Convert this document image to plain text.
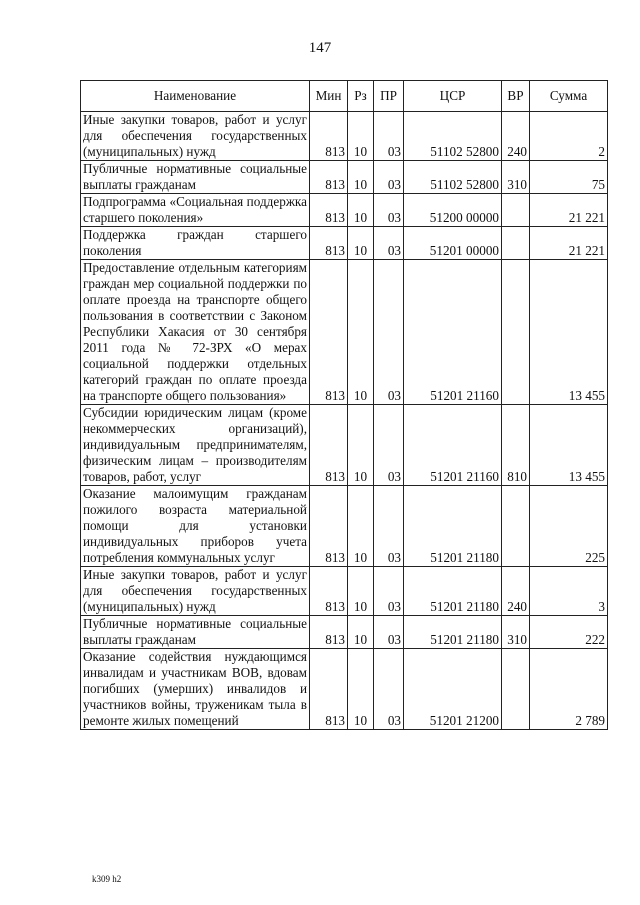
147
Наименование	Мин	Рз	ПР	ЦСР	ВР	Сумма
Иные закупки товаров, работ и услуг для обеспечения государственных (муниципальных) нужд	813	10	03	51102 52800	240	2
Публичные нормативные социальные выплаты гражданам	813	10	03	51102 52800	310	75
Подпрограмма «Социальная поддержка старшего поколения»	813	10	03	51200 00000		21 221
Поддержка граждан старшего поколения	813	10	03	51201 00000		21 221
Предоставление отдельным категориям граждан мер социальной поддержки по оплате проезда на транспорте общего пользования в соответствии с Законом Республики Хакасия от 30 сентября 2011 года № 72-ЗРХ «О мерах социальной поддержки отдельных категорий граждан по оплате проезда на транспорте общего пользования»	813	10	03	51201 21160		13 455
Субсидии юридическим лицам (кроме некоммерческих организаций), индивидуальным предпринимателям, физическим лицам – производителям товаров, работ, услуг	813	10	03	51201 21160	810	13 455
Оказание малоимущим гражданам пожилого возраста материальной помощи для установки индивидуальных приборов учета потребления коммунальных услуг	813	10	03	51201 21180		225
Иные закупки товаров, работ и услуг для обеспечения государственных (муниципальных) нужд	813	10	03	51201 21180	240	3
Публичные нормативные социальные выплаты гражданам	813	10	03	51201 21180	310	222
Оказание содействия нуждающимся инвалидам и участникам ВОВ, вдовам погибших (умерших) инвалидов и участников войны, труженикам тыла в ремонте жилых помещений	813	10	03	51201 21200		2 789
k309 h2
